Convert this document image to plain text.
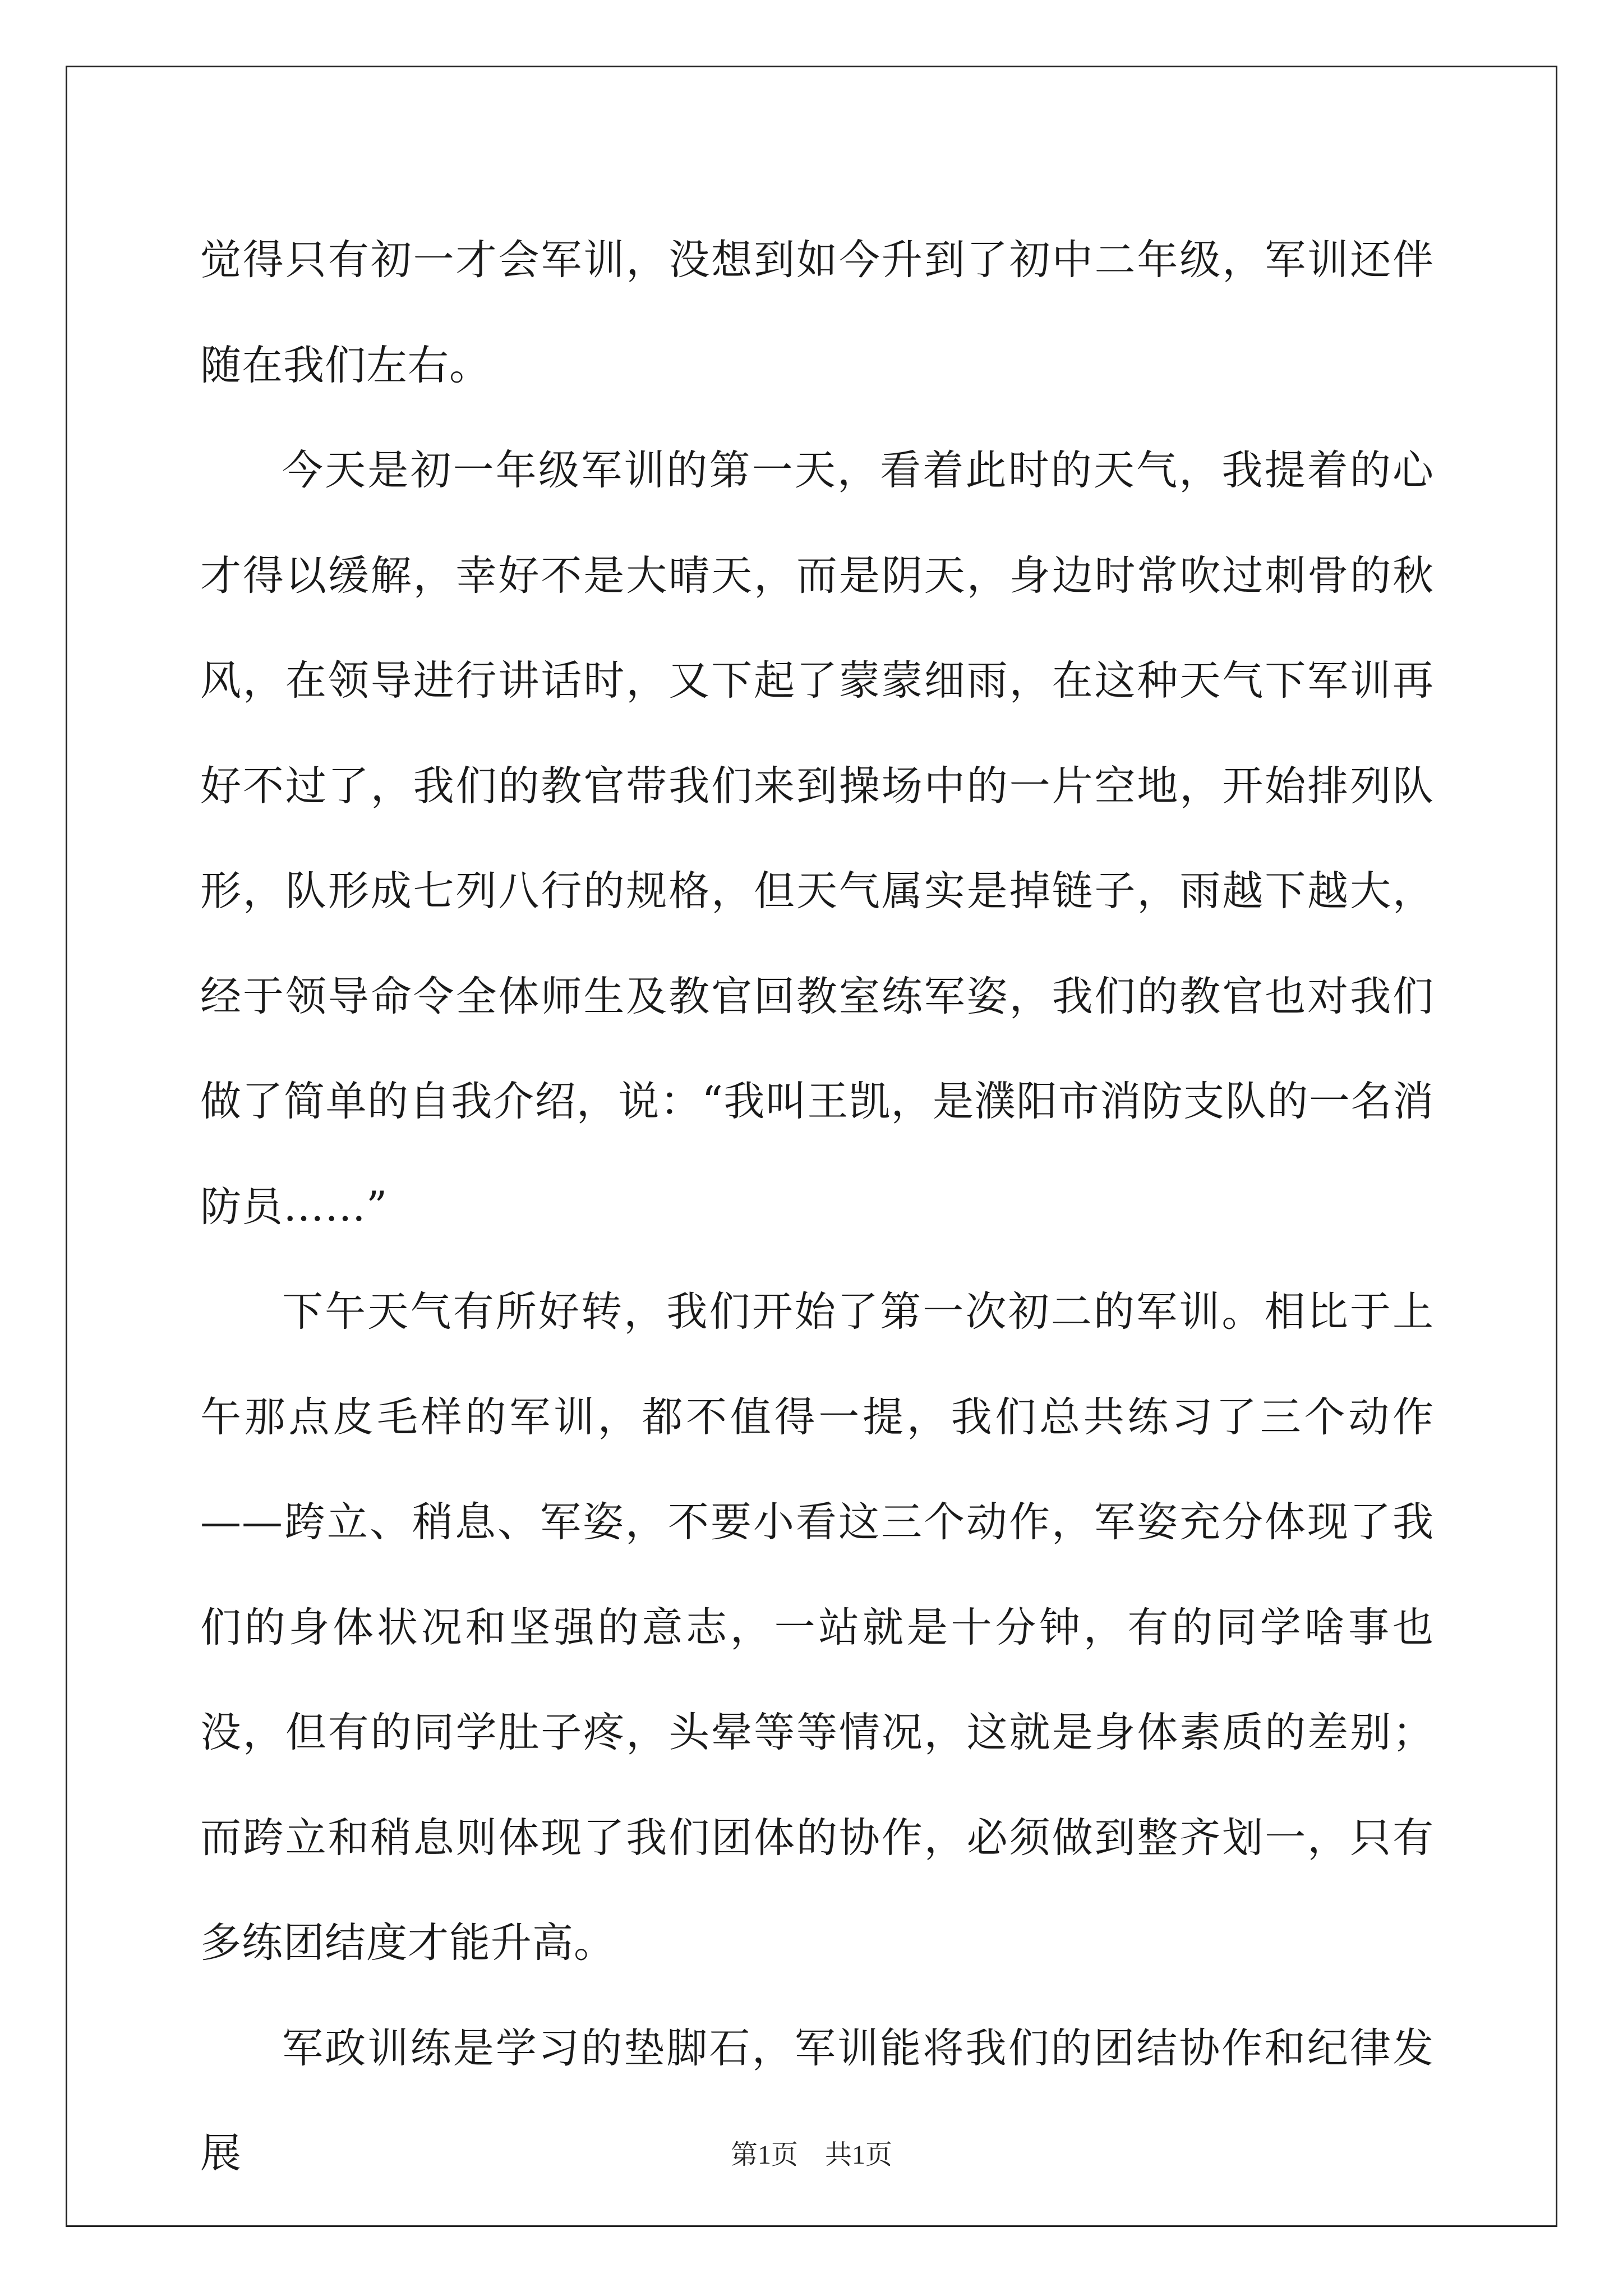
觉得只有初一才会军训，没想到如今升到了初中二年级，军训还伴随在我们左右。

今天是初一年级军训的第一天，看着此时的天气，我提着的心才得以缓解，幸好不是大晴天，而是阴天，身边时常吹过刺骨的秋风，在领导进行讲话时，又下起了蒙蒙细雨，在这种天气下军训再好不过了，我们的教官带我们来到操场中的一片空地，开始排列队形，队形成七列八行的规格，但天气属实是掉链子，雨越下越大，经于领导命令全体师生及教官回教室练军姿，我们的教官也对我们做了简单的自我介绍，说：“我叫王凯，是濮阳市消防支队的一名消防员……”

下午天气有所好转，我们开始了第一次初二的军训。相比于上午那点皮毛样的军训，都不值得一提，我们总共练习了三个动作——跨立、稍息、军姿，不要小看这三个动作，军姿充分体现了我们的身体状况和坚强的意志，一站就是十分钟，有的同学啥事也没，但有的同学肚子疼，头晕等等情况，这就是身体素质的差别；而跨立和稍息则体现了我们团体的协作，必须做到整齐划一，只有多练团结度才能升高。

军政训练是学习的垫脚石，军训能将我们的团结协作和纪律发展	第1页 共1页
